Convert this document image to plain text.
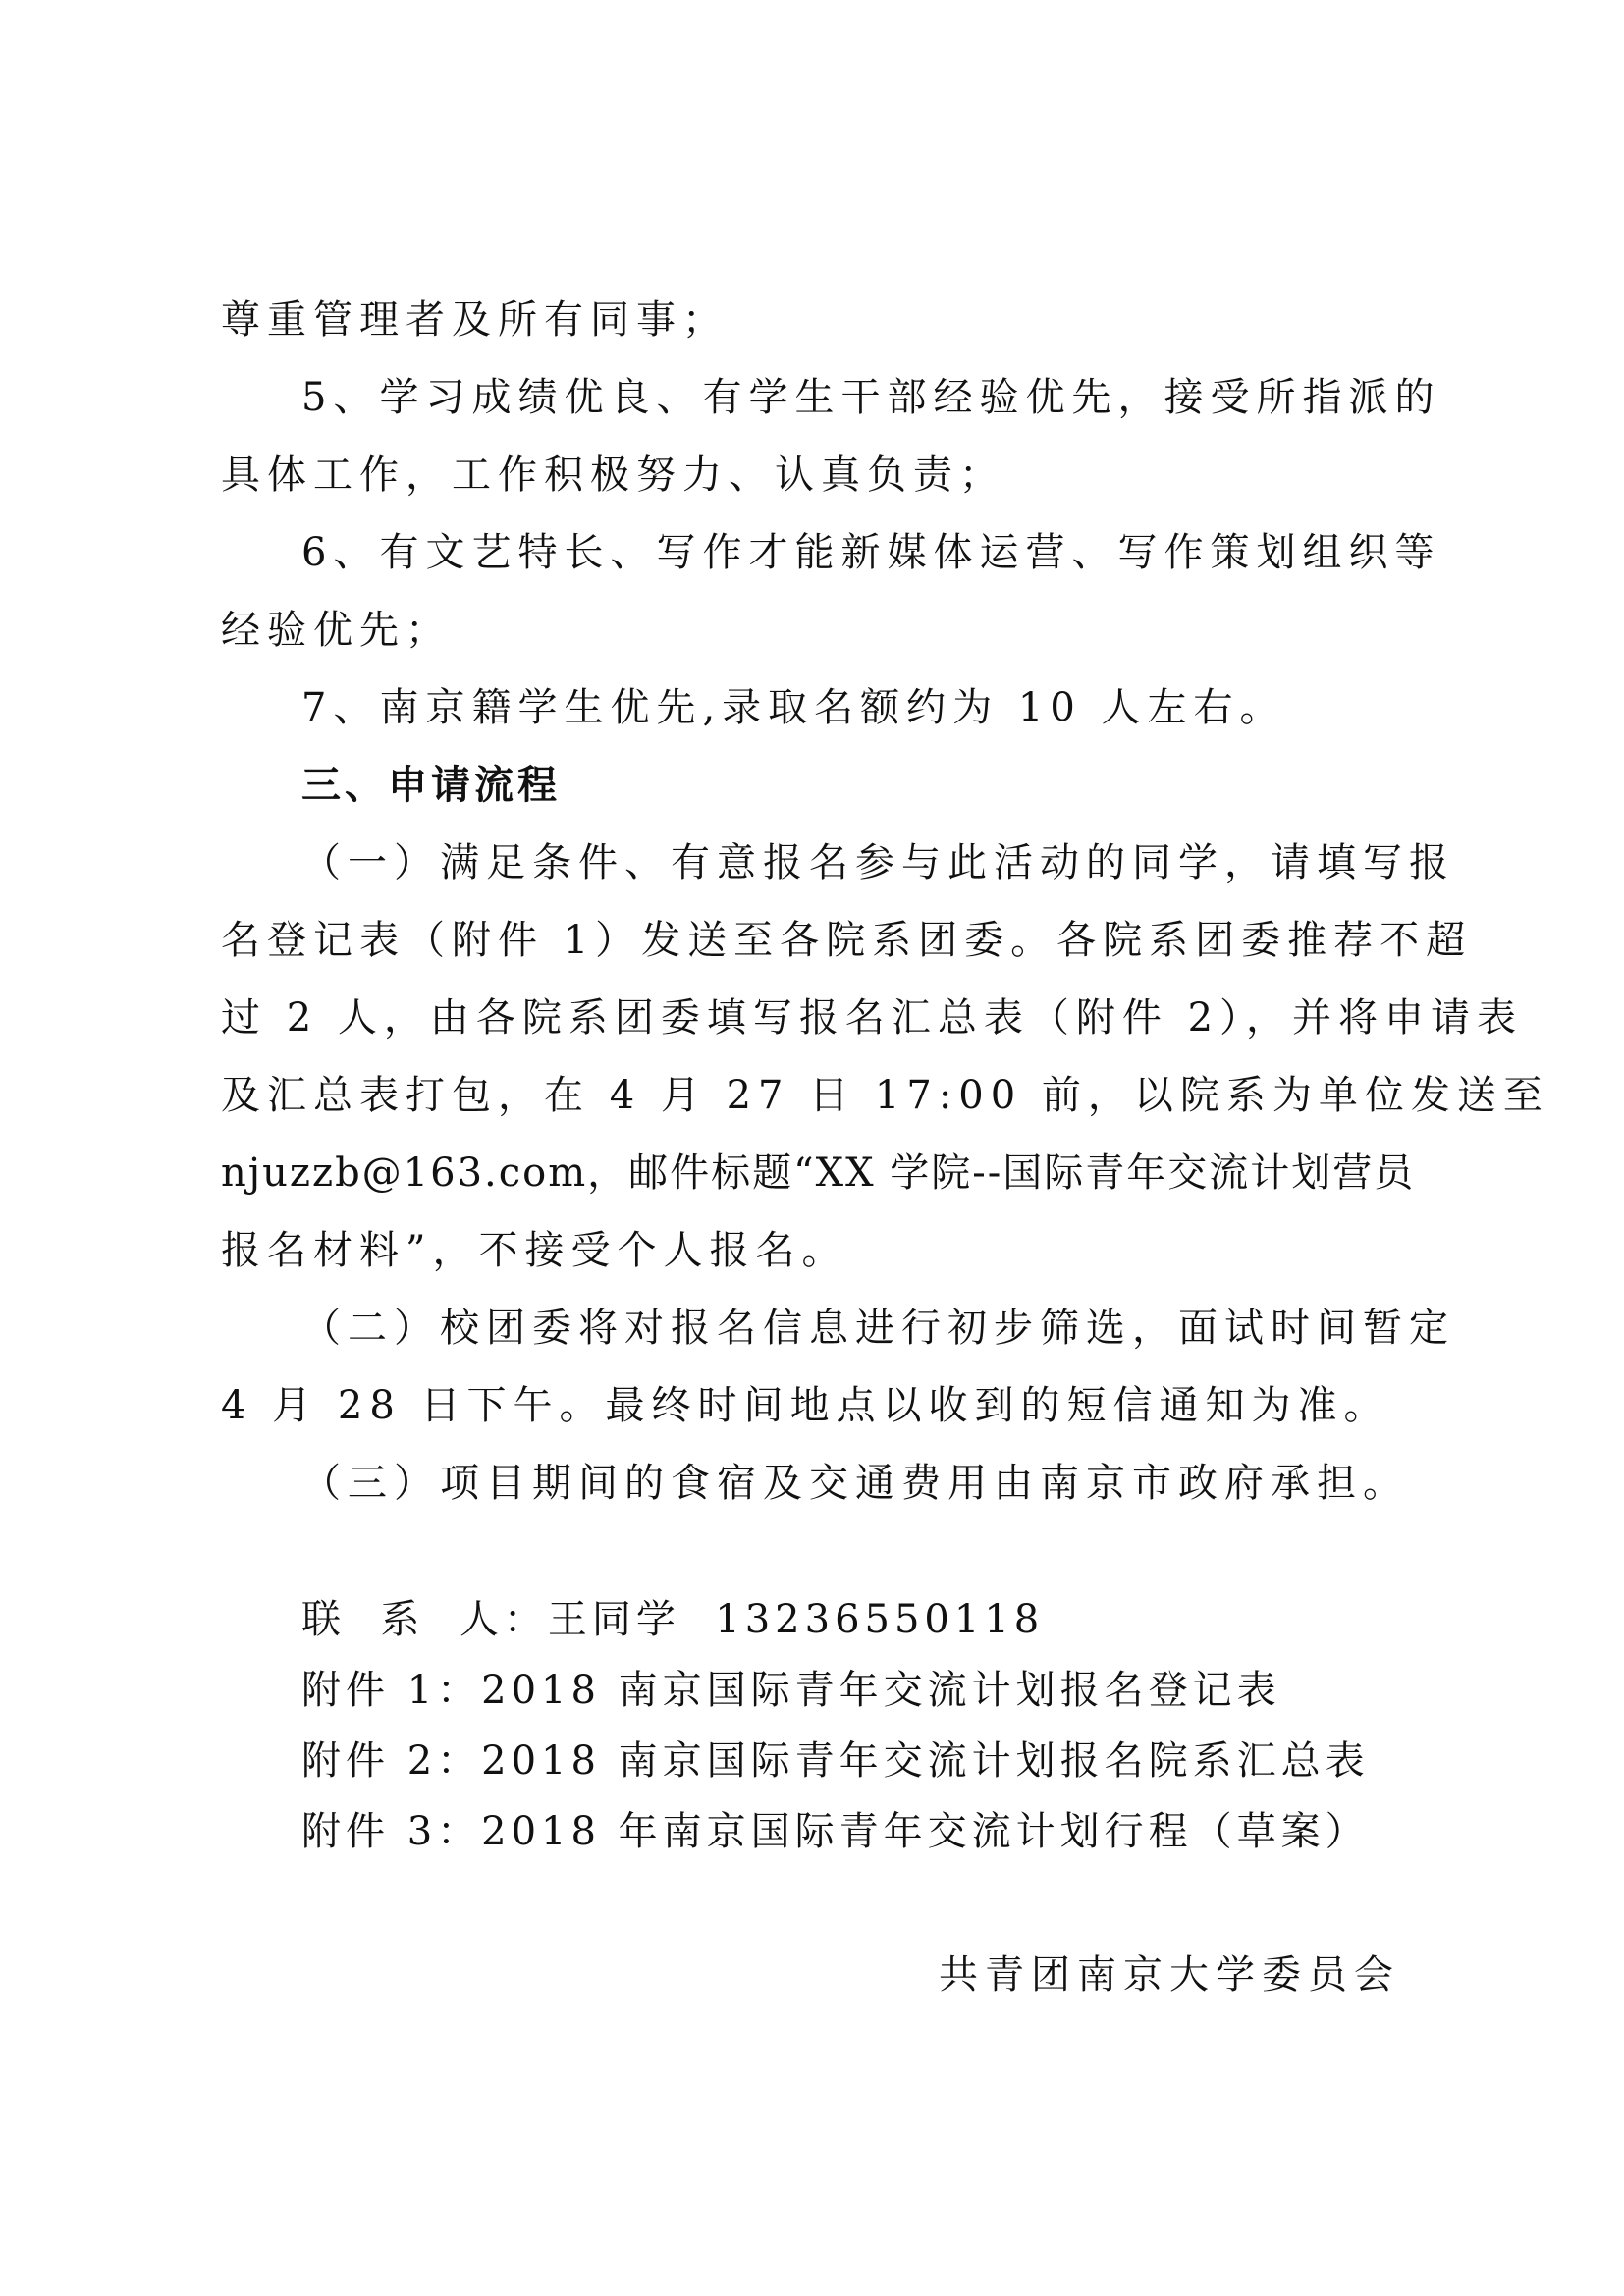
尊重管理者及所有同事；

5、学习成绩优良、有学生干部经验优先，接受所指派的

具体工作，工作积极努力、认真负责；

6、有文艺特长、写作才能新媒体运营、写作策划组织等

经验优先；

7、南京籍学生优先,录取名额约为 10 人左右。

三、申请流程

（一）满足条件、有意报名参与此活动的同学，请填写报

名登记表（附件 1）发送至各院系团委。各院系团委推荐不超

过 2 人，由各院系团委填写报名汇总表（附件 2），并将申请表

及汇总表打包，在 4 月 27 日 17:00 前，以院系为单位发送至

njuzzb@163.com，邮件标题“XX 学院--国际青年交流计划营员

报名材料”，不接受个人报名。

（二）校团委将对报名信息进行初步筛选，面试时间暂定

4 月 28 日下午。最终时间地点以收到的短信通知为准。

（三）项目期间的食宿及交通费用由南京市政府承担。

联  系  人：王同学  13236550118

附件 1：2018 南京国际青年交流计划报名登记表

附件 2：2018 南京国际青年交流计划报名院系汇总表

附件 3：2018 年南京国际青年交流计划行程（草案）

共青团南京大学委员会
